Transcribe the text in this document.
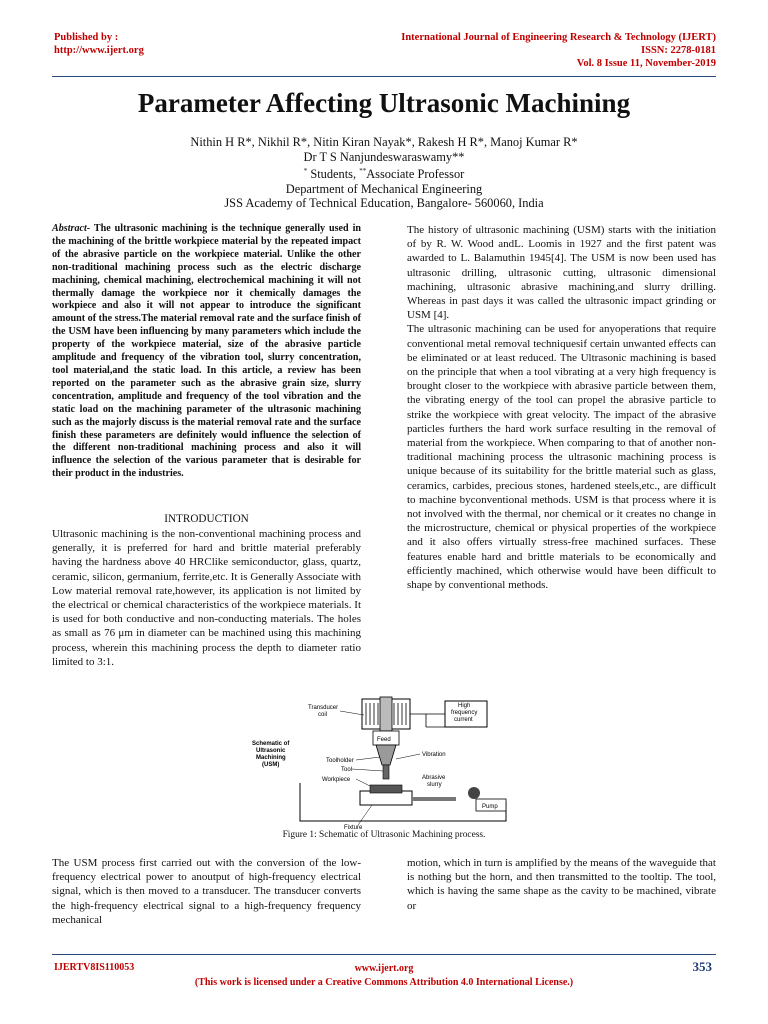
Published by :
http://www.ijert.org
International Journal of Engineering Research & Technology (IJERT)
ISSN: 2278-0181
Vol. 8 Issue 11, November-2019
Parameter Affecting Ultrasonic Machining
Nithin H R*, Nikhil R*, Nitin Kiran Nayak*, Rakesh H R*, Manoj Kumar R*
Dr T S Nanjundeswaraswamy**
* Students, **Associate Professor
Department of Mechanical Engineering
JSS Academy of Technical Education, Bangalore- 560060, India
Abstract- The ultrasonic machining is the technique generally used in the machining of the brittle workpiece material by the repeated impact of the abrasive particle on the workpiece material. Unlike the other non-traditional machining process such as the electric discharge machining, chemical machining, electrochemical machining it will not thermally damage the workpiece nor it chemically damages the workpiece and also it will not appear to introduce the significant amount of the stress.The material removal rate and the surface finish of the USM have been influencing by many parameters which include the property of the workpiece material, size of the abrasive particle amplitude and frequency of the vibration tool, slurry concentration, tool material,and the static load. In this article, a review has been reported on the parameter such as the abrasive grain size, slurry concentration, amplitude and frequency of the tool vibration and the static load on the machining parameter of the ultrasonic machining such as the majorly discuss is the material removal rate and the surface finish these parameters are definitely would influence the selection of the different non-traditional machining process and also it will influence the selection of the various parameter that is desirable for their product in the industries.
INTRODUCTION
Ultrasonic machining is the non-conventional machining process and generally, it is preferred for hard and brittle material preferably having the hardness above 40 HRClike semiconductor, glass, quartz, ceramic, silicon, germanium, ferrite,etc. It is Generally Associate with Low material removal rate,however, its application is not limited by the electrical or chemical characteristics of the workpiece materials. It is used for both conductive and non-conducting materials. The holes as small as 76 μm in diameter can be machined using this machining process, wherein this machining process the depth to diameter ratio limited to 3:1.
The history of ultrasonic machining (USM) starts with the initiation of by R. W. Wood andL. Loomis in 1927 and the first patent was awarded to L. Balamuthin 1945[4]. The USM is now been used has ultrasonic drilling, ultrasonic cutting, ultrasonic dimensional machining, ultrasonic abrasive machining,and slurry drilling. Whereas in past days it was called the ultrasonic impact grinding or USM [4].
The ultrasonic machining can be used for anyoperations that require conventional metal removal techniquesif certain unwanted effects can be eliminated or at least reduced. The Ultrasonic machining is based on the principle that when a tool vibrating at a very high frequency is brought closer to the workpiece with abrasive particle between them, the vibrating energy of the tool can propel the abrasive particle to strike the workpiece with great velocity. The impact of the abrasive particles furthers the hard work surface resulting in the removal of material from the workpiece. When comparing to that of another non-traditional machining process the ultrasonic machining process is unique because of its suitability for the brittle material such as glass, ceramics, carbides, precious stones, hardened steels,etc., are difficult to machine byconventional methods. USM is that process where it is not involved with the thermal, nor chemical or it creates no change in the microstructure, chemical or physical properties of the workpiece and it also offers virtually stress-free machined surfaces. These features enable hard and brittle materials to be economically and efficiently machined, which otherwise would have been difficult to shape by conventional methods.
Schematic of
Ultrasonic
Machining
(USM)
High
frequency
current
Transducer
coil
Feed
Toolholder
Tool
Workpiece
Vibration
Abrasive
slurry
Pump
Fixture
Figure 1: Schematic of Ultrasonic Machining process.
The USM process first carried out with the conversion of the low-frequency electrical power to anoutput of high-frequency electrical signal, which is then moved to a transducer. The transducer converts the high-frequency electrical signal to a high-frequency frequency mechanical
motion, which in turn is amplified by the means of the waveguide that is nothing but the horn, and then transmitted to the tooltip. The tool, which is having the same shape as the cavity to be machined, vibrate or
IJERTV8IS110053	www.ijert.org
(This work is licensed under a Creative Commons Attribution 4.0 International License.)
353
